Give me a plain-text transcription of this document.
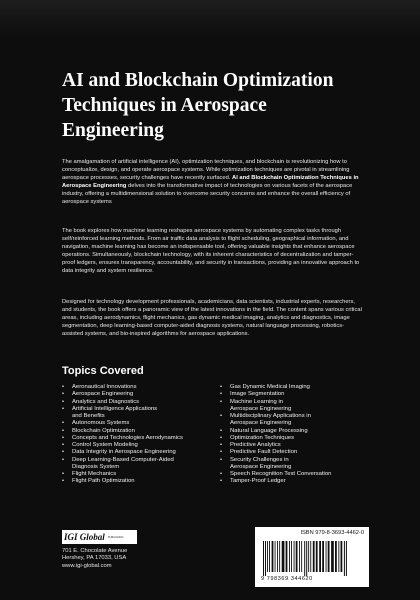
AI and Blockchain Optimization
Techniques in Aerospace
Engineering

The amalgamation of artificial intelligence (AI), optimization techniques, and blockchain is revolutionizing how to conceptualize, design, and operate aerospace systems. While optimization techniques are pivotal in streamlining aerospace processes, security challenges have recently surfaced. AI and Blockchain Optimization Techniques in Aerospace Engineering delves into the transformative impact of technologies on various facets of the aerospace industry, offering a multidimensional solution to overcome security concerns and enhance the overall efficiency of aerospace systems

The book explores how machine learning reshapes aerospace systems by automating complex tasks through self/reinforced learning methods. From air traffic data analysis to flight scheduling, geographical information, and navigation, machine learning has become an indispensable tool, offering valuable insights that enhance aerospace operations. Simultaneously, blockchain technology, with its inherent characteristics of decentralization and tamper-proof ledgers, ensures transparency, accountability, and security in transactions, providing an innovative approach to data integrity and system resilience.

Designed for technology development professionals, academicians, data scientists, industrial experts, researchers, and students, the book offers a panoramic view of the latest innovations in the field. The content spans various critical areas, including aerodynamics, flight mechanics, gas dynamic medical imaging, analytics and diagnostics, image segmentation, deep learning-based computer-aided diagnosis systems, natural language processing, robotics-assisted systems, and bio-inspired algorithms for aerospace applications.

Topics Covered
• Aeronautical Innovations
• Aerospace Engineering
• Analytics and Diagnostics
• Artificial Intelligence Applications
and Benefits
• Autonomous Systems
• Blockchain Optimization
• Concepts and Technologies Aerodynamics
• Control System Modeling
• Data Integrity in Aerospace Engineering
• Deep Learning-Based Computer-Aided
Diagnosis System
• Flight Mechanics
• Flight Path Optimization
• Gas Dynamic Medical Imaging
• Image Segmentation
• Machine Learning in
Aerospace Engineering
• Multidisciplinary Applications in
Aerospace Engineering
• Natural Language Processing
• Optimization Techniques
• Predictive Analytics
• Predictive Fault Detection
• Security Challenges in
Aerospace Engineering
• Speech Recognition Text Conversation
• Tamper-Proof Ledger
IGI Global PUBLISHING
701 E. Chocolate Avenue
Hershey, PA 17033, USA
www.igi-global.com

ISBN 979-8-3693-4462-0

9 798369 344620
